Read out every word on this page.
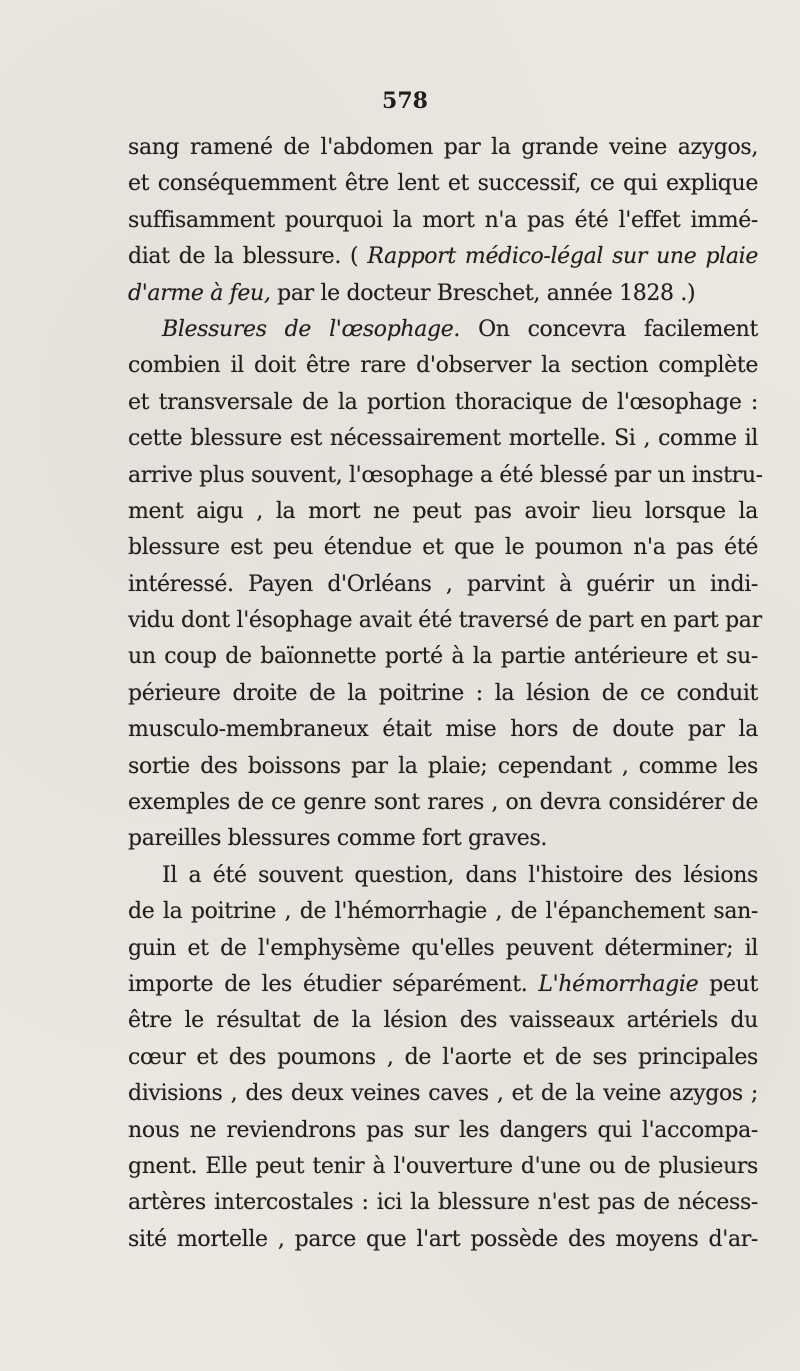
578
sang ramené de l'abdomen par la grande veine azygos,
et conséquemment être lent et successif, ce qui explique
suffisamment pourquoi la mort n'a pas été l'effet immé-
diat de la blessure. ( Rapport médico-légal sur une plaie
d'arme à feu, par le docteur Breschet, année 1828 .)
Blessures de l'œsophage. On concevra facilement
combien il doit être rare d'observer la section complète
et transversale de la portion thoracique de l'œsophage :
cette blessure est nécessairement mortelle. Si , comme il
arrive plus souvent, l'œsophage a été blessé par un instru-
ment aigu , la mort ne peut pas avoir lieu lorsque la
blessure est peu étendue et que le poumon n'a pas été
intéressé. Payen d'Orléans , parvint à guérir un indi-
vidu dont l'ésophage avait été traversé de part en part par
un coup de baïonnette porté à la partie antérieure et su-
périeure droite de la poitrine : la lésion de ce conduit
musculo-membraneux était mise hors de doute par la
sortie des boissons par la plaie; cependant , comme les
exemples de ce genre sont rares , on devra considérer de
pareilles blessures comme fort graves.
Il a été souvent question, dans l'histoire des lésions
de la poitrine , de l'hémorrhagie , de l'épanchement san-
guin et de l'emphysème qu'elles peuvent déterminer; il
importe de les étudier séparément. L'hémorrhagie peut
être le résultat de la lésion des vaisseaux artériels du
cœur et des poumons , de l'aorte et de ses principales
divisions , des deux veines caves , et de la veine azygos ;
nous ne reviendrons pas sur les dangers qui l'accompa-
gnent. Elle peut tenir à l'ouverture d'une ou de plusieurs
artères intercostales : ici la blessure n'est pas de nécess-
sité mortelle , parce que l'art possède des moyens d'ar-
